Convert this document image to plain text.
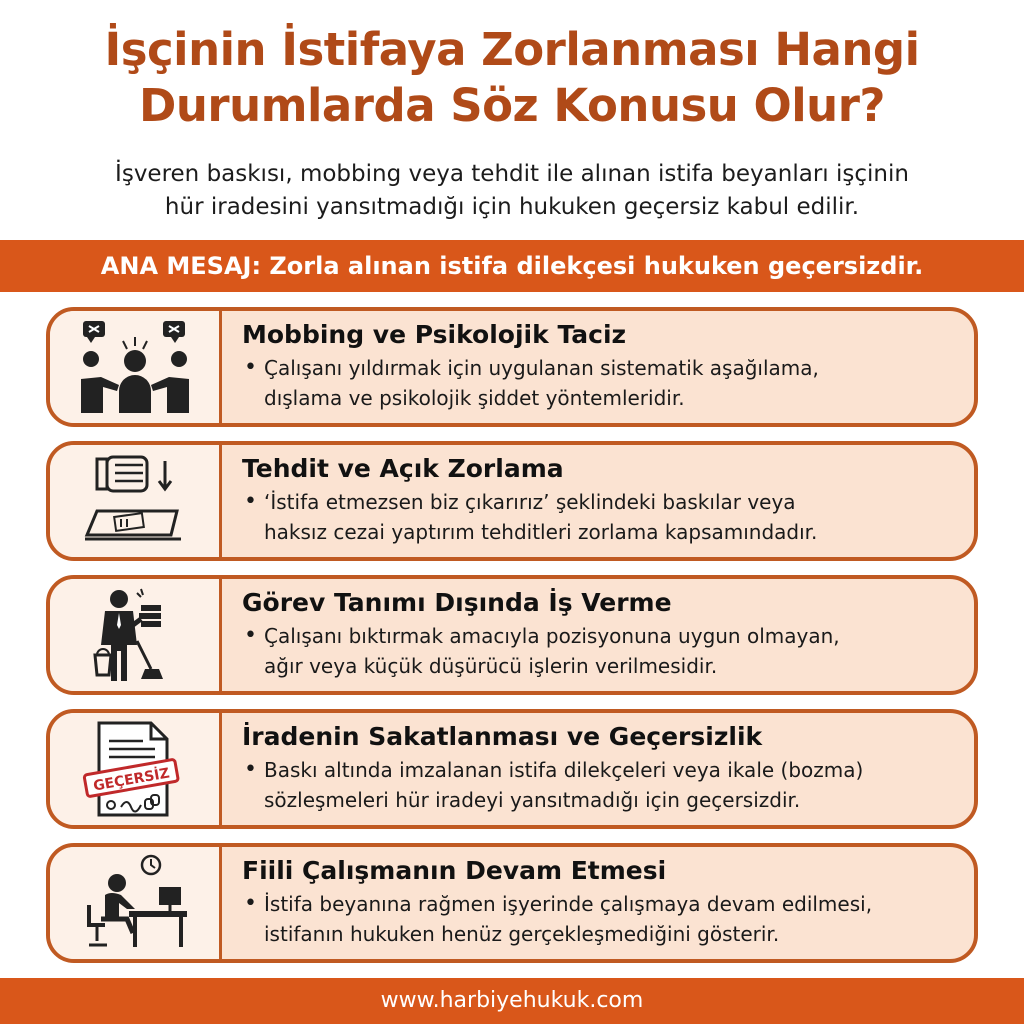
İşçinin İstifaya Zorlanması Hangi
Durumlarda Söz Konusu Olur?
İşveren baskısı, mobbing veya tehdit ile alınan istifa beyanları işçinin
hür iradesini yansıtmadığı için hukuken geçersiz kabul edilir.
ANA MESAJ: Zorla alınan istifa dilekçesi hukuken geçersizdir.
Mobbing ve Psikolojik Taciz
• Çalışanı yıldırmak için uygulanan sistematik aşağılama,
dışlama ve psikolojik şiddet yöntemleridir.
Tehdit ve Açık Zorlama
• ‘İstifa etmezsen biz çıkarırız’ şeklindeki baskılar veya
haksız cezai yaptırım tehditleri zorlama kapsamındadır.
Görev Tanımı Dışında İş Verme
• Çalışanı bıktırmak amacıyla pozisyonuna uygun olmayan,
ağır veya küçük düşürücü işlerin verilmesidir.
GEÇERSİZ
İradenin Sakatlanması ve Geçersizlik
• Baskı altında imzalanan istifa dilekçeleri veya ikale (bozma)
sözleşmeleri hür iradeyi yansıtmadığı için geçersizdir.
Fiili Çalışmanın Devam Etmesi
• İstifa beyanına rağmen işyerinde çalışmaya devam edilmesi,
istifanın hukuken henüz gerçekleşmediğini gösterir.
www.harbiyehukuk.com
